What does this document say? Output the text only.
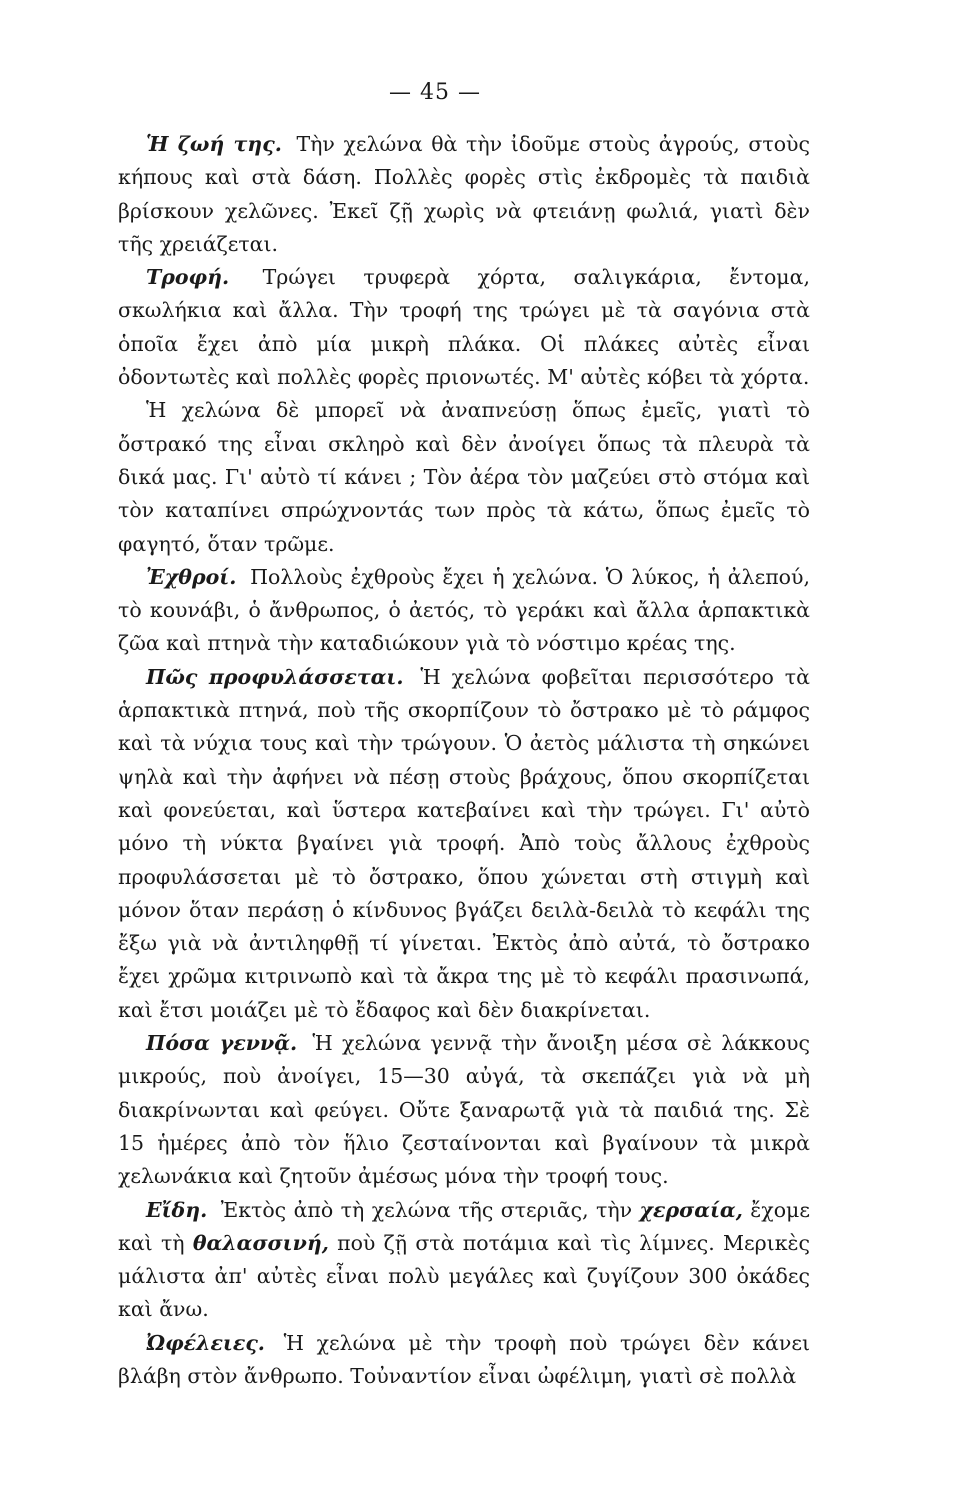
— 45 —

Ἡ ζωή της. Τὴν χελώνα θὰ τὴν ἰδοῦμε στοὺς ἀγρούς, στοὺς κήπους καὶ στὰ δάση. Πολλὲς φορὲς στὶς ἐκδρομὲς τὰ παιδιὰ βρίσκουν χελῶνες. Ἐκεῖ ζῇ χωρὶς νὰ φτειάνῃ φωλιά, γιατὶ δὲν τῆς χρειάζεται.

Τροφή. Τρώγει τρυφερὰ χόρτα, σαλιγκάρια, ἔντομα, σκωλήκια καὶ ἄλλα. Τὴν τροφή της τρώγει μὲ τὰ σαγόνια στὰ ὁποῖα ἔχει ἀπὸ μία μικρὴ πλάκα. Οἱ πλάκες αὐτὲς εἶναι ὀδοντωτὲς καὶ πολλὲς φορὲς πριονωτές. Μ' αὐτὲς κόβει τὰ χόρτα.

Ἡ χελώνα δὲ μπορεῖ νὰ ἀναπνεύσῃ ὅπως ἐμεῖς, γιατὶ τὸ ὄστρακό της εἶναι σκληρὸ καὶ δὲν ἀνοίγει ὅπως τὰ πλευρὰ τὰ δικά μας. Γι' αὐτὸ τί κάνει ; Τὸν ἀέρα τὸν μαζεύει στὸ στόμα καὶ τὸν καταπίνει σπρώχνοντάς των πρὸς τὰ κάτω, ὅπως ἐμεῖς τὸ φαγητό, ὅταν τρῶμε.

Ἐχθροί. Πολλοὺς ἐχθροὺς ἔχει ἡ χελώνα. Ὁ λύκος, ἡ ἀλεπού, τὸ κουνάβι, ὁ ἄνθρωπος, ὁ ἀετός, τὸ γεράκι καὶ ἄλλα ἁρπακτικὰ ζῶα καὶ πτηνὰ τὴν καταδιώκουν γιὰ τὸ νόστιμο κρέας της.

Πῶς προφυλάσσεται. Ἡ χελώνα φοβεῖται περισσότερο τὰ ἁρπακτικὰ πτηνά, ποὺ τῆς σκορπίζουν τὸ ὄστρακο μὲ τὸ ράμφος καὶ τὰ νύχια τους καὶ τὴν τρώγουν. Ὁ ἀετὸς μάλιστα τὴ σηκώνει ψηλὰ καὶ τὴν ἀφήνει νὰ πέσῃ στοὺς βράχους, ὅπου σκορπίζεται καὶ φονεύεται, καὶ ὕστερα κατεβαίνει καὶ τὴν τρώγει. Γι' αὐτὸ μόνο τὴ νύκτα βγαίνει γιὰ τροφή. Ἀπὸ τοὺς ἄλλους ἐχθροὺς προφυλάσσεται μὲ τὸ ὄστρακο, ὅπου χώνεται στὴ στιγμὴ καὶ μόνον ὅταν περάσῃ ὁ κίνδυνος βγάζει δειλὰ-δειλὰ τὸ κεφάλι της ἔξω γιὰ νὰ ἀντιληφθῇ τί γίνεται. Ἐκτὸς ἀπὸ αὐτά, τὸ ὄστρακο ἔχει χρῶμα κιτρινωπὸ καὶ τὰ ἄκρα της μὲ τὸ κεφάλι πρασινωπά, καὶ ἔτσι μοιάζει μὲ τὸ ἔδαφος καὶ δὲν διακρίνεται.

Πόσα γεννᾷ. Ἡ χελώνα γεννᾷ τὴν ἄνοιξη μέσα σὲ λάκκους μικρούς, ποὺ ἀνοίγει, 15—30 αὐγά, τὰ σκεπάζει γιὰ νὰ μὴ διακρίνωνται καὶ φεύγει. Οὔτε ξαναρωτᾷ γιὰ τὰ παιδιά της. Σὲ 15 ἡμέρες ἀπὸ τὸν ἥλιο ζεσταίνονται καὶ βγαίνουν τὰ μικρὰ χελωνάκια καὶ ζητοῦν ἀμέσως μόνα τὴν τροφή τους.

Εἴδη. Ἐκτὸς ἀπὸ τὴ χελώνα τῆς στεριᾶς, τὴν χερσαία, ἔχομε καὶ τὴ θαλασσινή, ποὺ ζῇ στὰ ποτάμια καὶ τὶς λίμνες. Μερικὲς μάλιστα ἀπ' αὐτὲς εἶναι πολὺ μεγάλες καὶ ζυγίζουν 300 ὀκάδες καὶ ἄνω.

Ὠφέλειες. Ἡ χελώνα μὲ τὴν τροφὴ ποὺ τρώγει δὲν κάνει βλάβη στὸν ἄνθρωπο. Τοὐναντίον εἶναι ὠφέλιμη, γιατὶ σὲ πολλὰ
